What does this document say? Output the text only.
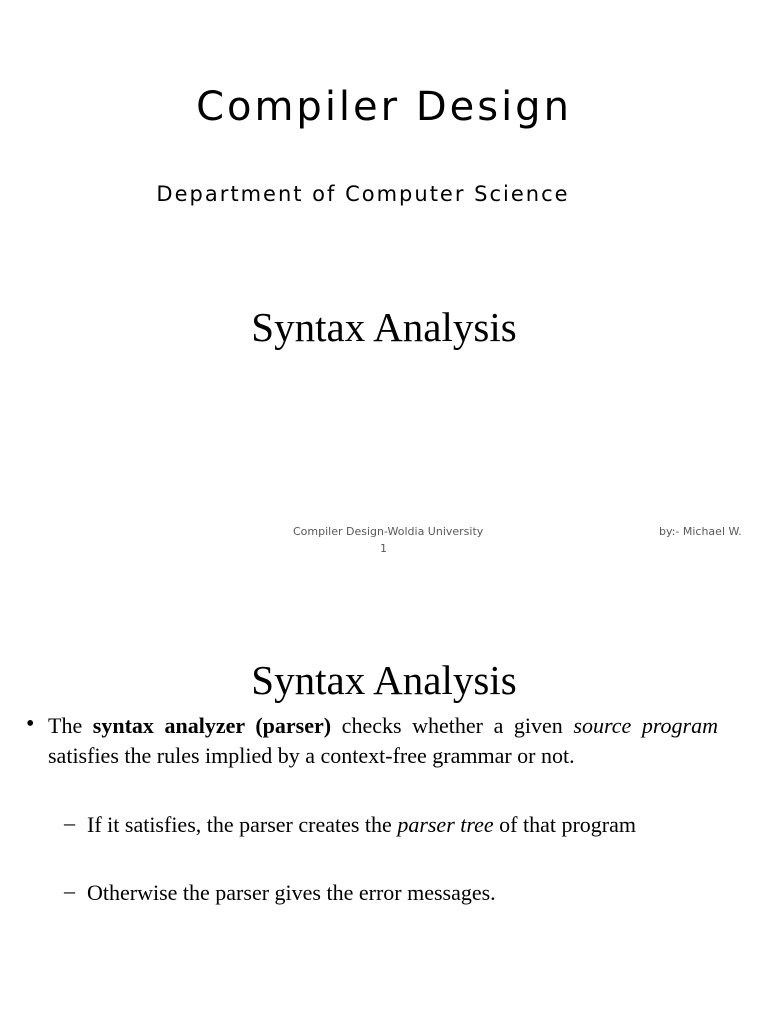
Compiler Design
Department of Computer Science
Syntax Analysis
Compiler Design-Woldia University	by:- Michael W.
1
Syntax Analysis
• The syntax analyzer (parser) checks whether a given source program satisfies the rules implied by a context-free grammar or not.
– If it satisfies, the parser creates the parser tree of that program
– Otherwise the parser gives the error messages.
